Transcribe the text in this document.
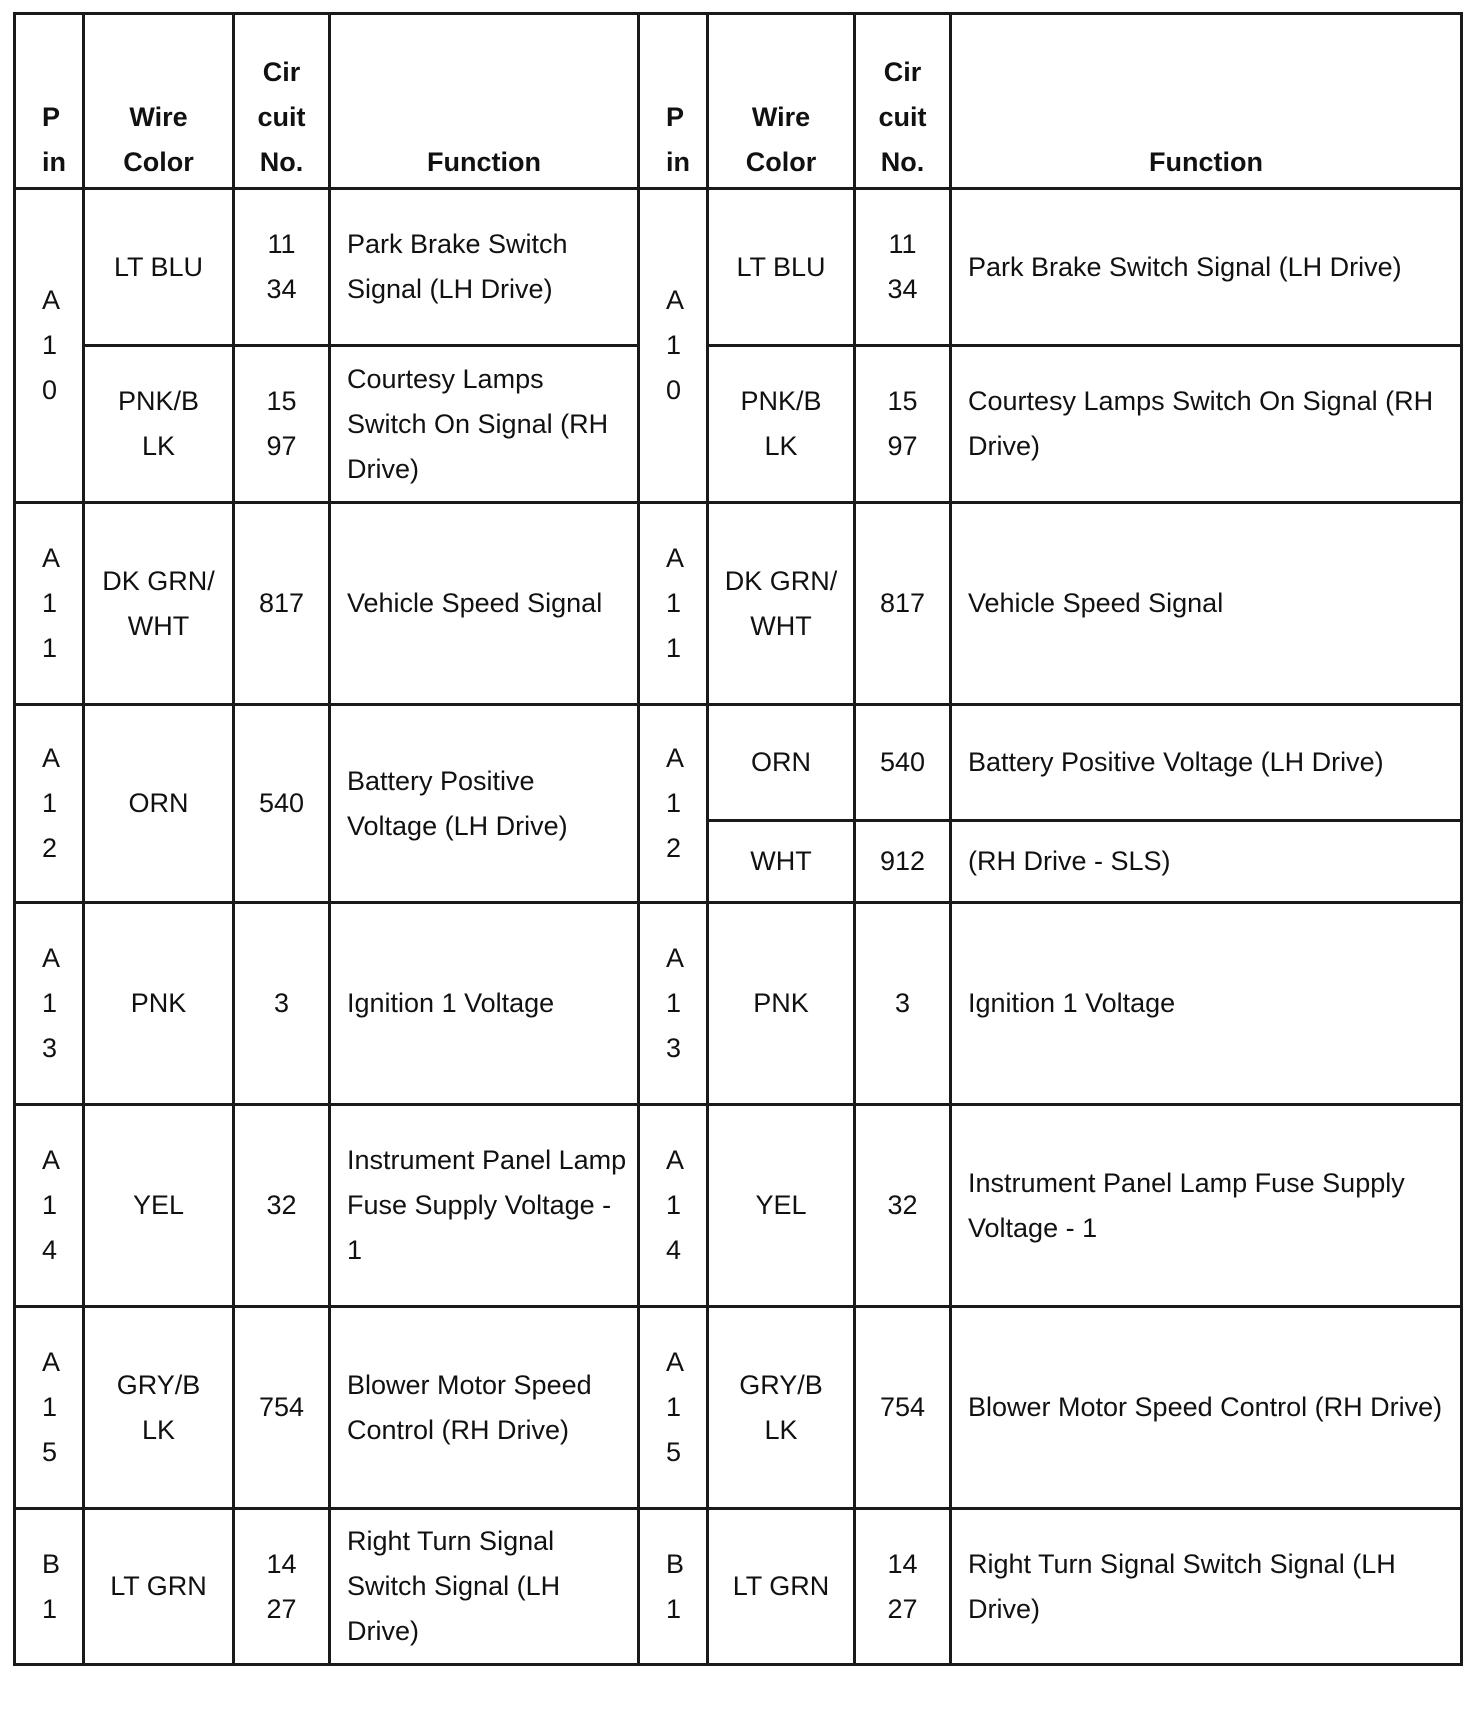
P
in	Wire
Color	Cir
cuit
No.	Function	P
in	Wire
Color	Cir
cuit
No.	Function
A
1
0	LT BLU	11
34	Park Brake Switch Signal (LH Drive)	A
1
0	LT BLU	11
34	Park Brake Switch Signal (LH Drive)
	PNK/B
LK	15
97	Courtesy Lamps Switch On Signal (RH Drive)		PNK/B
LK	15
97	Courtesy Lamps Switch On Signal (RH Drive)
A
1
1	DK GRN/
WHT	817	Vehicle Speed Signal	A
1
1	DK GRN/
WHT	817	Vehicle Speed Signal
A
1
2	ORN	540	Battery Positive Voltage (LH Drive)	A
1
2	ORN	540	Battery Positive Voltage (LH Drive)
					WHT	912	(RH Drive - SLS)
A
1
3	PNK	3	Ignition 1 Voltage	A
1
3	PNK	3	Ignition 1 Voltage
A
1
4	YEL	32	Instrument Panel Lamp Fuse Supply Voltage - 1	A
1
4	YEL	32	Instrument Panel Lamp Fuse Supply Voltage - 1
A
1
5	GRY/B
LK	754	Blower Motor Speed Control (RH Drive)	A
1
5	GRY/B
LK	754	Blower Motor Speed Control (RH Drive)
B
1	LT GRN	14
27	Right Turn Signal Switch Signal (LH Drive)	B
1	LT GRN	14
27	Right Turn Signal Switch Signal (LH Drive)
